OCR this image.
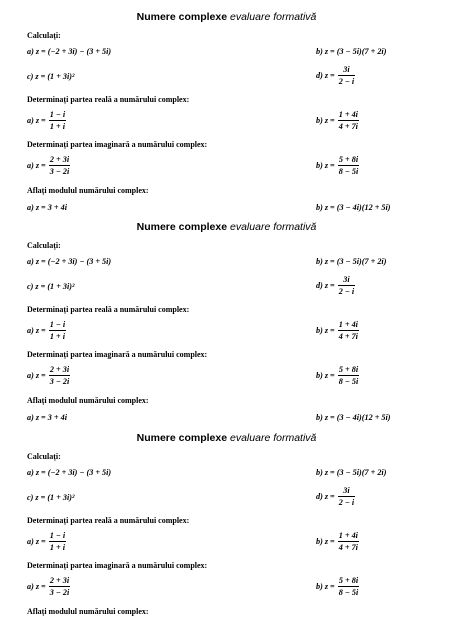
Numere complexe evaluare formativă
Calculați:
a) z = (−2 + 3i) − (3 + 5i)	b) z = (3 − 5i)(7 + 2i)
c) z = (1 + 3i)²	d) $z = \frac{3i}{2 - i}$
Determinați partea reală a numărului complex:
a) $z = \frac{1 - i}{1 + i}$	b) $z = \frac{1 + 4i}{4 + 7i}$
Determinați partea imaginară a numărului complex:
a) $z = \frac{2 + 3i}{3 - 2i}$	b) $z = \frac{5 + 8i}{8 - 5i}$
Aflați modulul numărului complex:
a) z = 3 + 4i	b) z = (3 − 4i)(12 + 5i)
Numere complexe evaluare formativă
Calculați:
a) z = (−2 + 3i) − (3 + 5i)	b) z = (3 − 5i)(7 + 2i)
c) z = (1 + 3i)²	d) $z = \frac{3i}{2 - i}$
Determinați partea reală a numărului complex:
a) $z = \frac{1 - i}{1 + i}$	b) $z = \frac{1 + 4i}{4 + 7i}$
Determinați partea imaginară a numărului complex:
a) $z = \frac{2 + 3i}{3 - 2i}$	b) $z = \frac{5 + 8i}{8 - 5i}$
Aflați modulul numărului complex:
a) z = 3 + 4i	b) z = (3 − 4i)(12 + 5i)
Numere complexe evaluare formativă
Calculați:
a) z = (−2 + 3i) − (3 + 5i)	b) z = (3 − 5i)(7 + 2i)
c) z = (1 + 3i)²	d) $z = \frac{3i}{2 - i}$
Determinați partea reală a numărului complex:
a) $z = \frac{1 - i}{1 + i}$	b) $z = \frac{1 + 4i}{4 + 7i}$
Determinați partea imaginară a numărului complex:
a) $z = \frac{2 + 3i}{3 - 2i}$	b) $z = \frac{5 + 8i}{8 - 5i}$
Aflați modulul numărului complex:
